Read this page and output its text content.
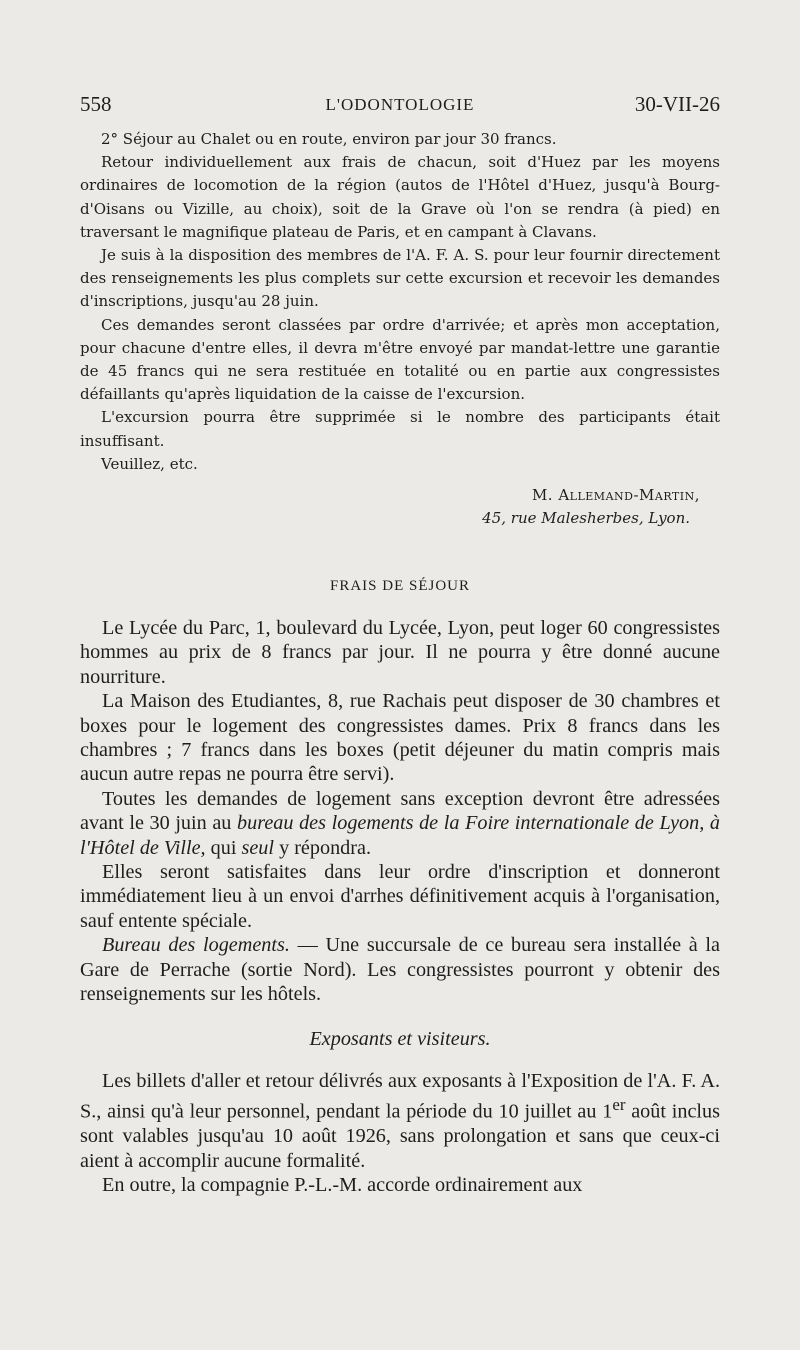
558	L'ODONTOLOGIE	30-VII-26

2° Séjour au Chalet ou en route, environ par jour 30 francs.

Retour individuellement aux frais de chacun, soit d'Huez par les moyens ordinaires de locomotion de la région (autos de l'Hôtel d'Huez, jusqu'à Bourg-d'Oisans ou Vizille, au choix), soit de la Grave où l'on se rendra (à pied) en traversant le magnifique plateau de Paris, et en campant à Clavans.

Je suis à la disposition des membres de l'A. F. A. S. pour leur fournir directement des renseignements les plus complets sur cette excursion et recevoir les demandes d'inscriptions, jusqu'au 28 juin.

Ces demandes seront classées par ordre d'arrivée; et après mon acceptation, pour chacune d'entre elles, il devra m'être envoyé par mandat-lettre une garantie de 45 francs qui ne sera restituée en totalité ou en partie aux congressistes défaillants qu'après liquidation de la caisse de l'excursion.

L'excursion pourra être supprimée si le nombre des participants était insuffisant.

Veuillez, etc.

M. Allemand-Martin,

45, rue Malesherbes, Lyon.

FRAIS DE SÉJOUR

Le Lycée du Parc, 1, boulevard du Lycée, Lyon, peut loger 60 congressistes hommes au prix de 8 francs par jour. Il ne pourra y être donné aucune nourriture.

La Maison des Etudiantes, 8, rue Rachais peut disposer de 30 chambres et boxes pour le logement des congressistes dames. Prix 8 francs dans les chambres ; 7 francs dans les boxes (petit déjeuner du matin compris mais aucun autre repas ne pourra être servi).

Toutes les demandes de logement sans exception devront être adressées avant le 30 juin au bureau des logements de la Foire internationale de Lyon, à l'Hôtel de Ville, qui seul y répondra.

Elles seront satisfaites dans leur ordre d'inscription et donneront immédiatement lieu à un envoi d'arrhes définitivement acquis à l'organisation, sauf entente spéciale.

Bureau des logements. — Une succursale de ce bureau sera installée à la Gare de Perrache (sortie Nord). Les congressistes pourront y obtenir des renseignements sur les hôtels.

Exposants et visiteurs.

Les billets d'aller et retour délivrés aux exposants à l'Exposition de l'A. F. A. S., ainsi qu'à leur personnel, pendant la période du 10 juillet au 1er août inclus sont valables jusqu'au 10 août 1926, sans prolongation et sans que ceux-ci aient à accomplir aucune formalité.

En outre, la compagnie P.-L.-M. accorde ordinairement aux
